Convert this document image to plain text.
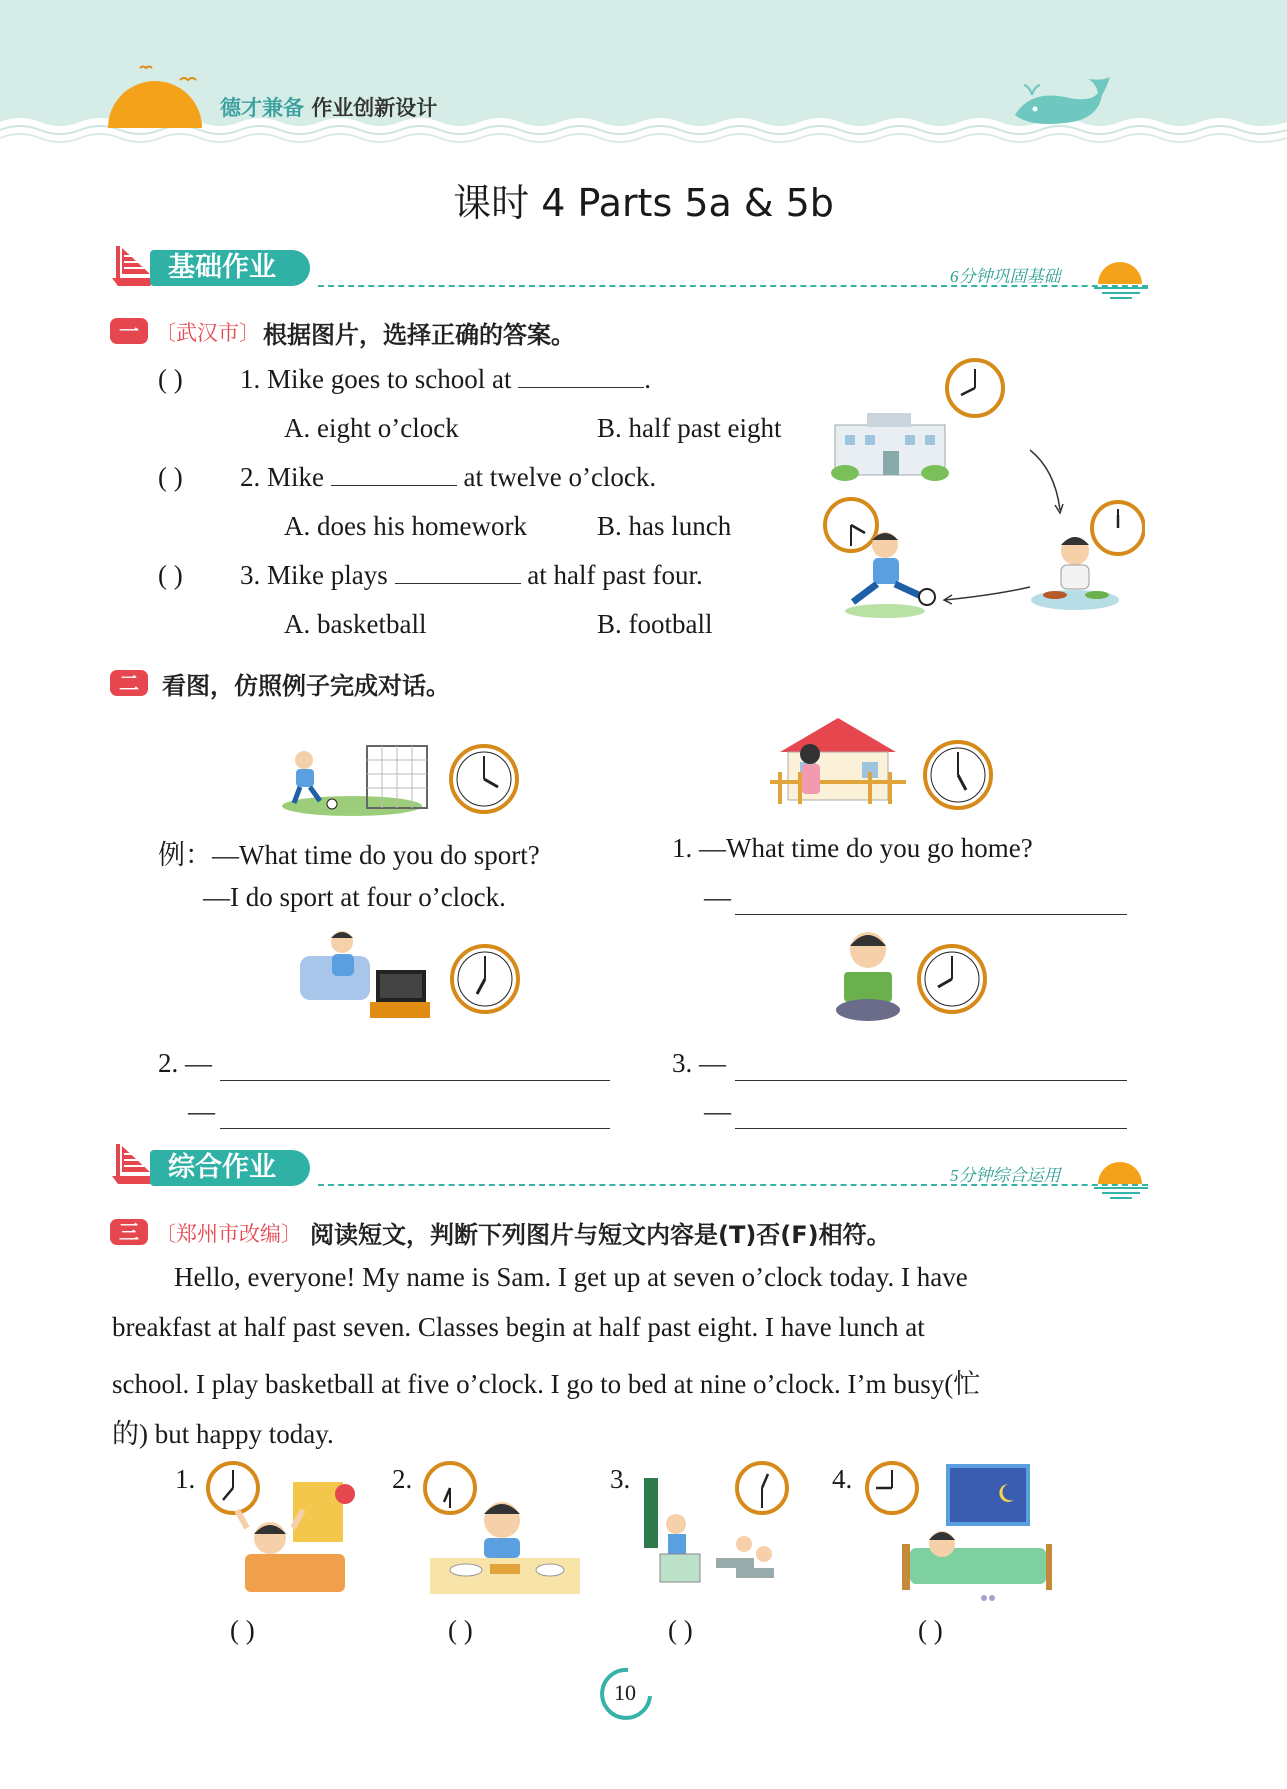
德才兼备 作业创新设计
课时 4 Parts 5a & 5b
基础作业	6分钟巩固基础
一 〔武汉市〕 根据图片，选择正确的答案。
( ) 1. Mike goes to school at	.
A. eight o’clock	B. half past eight
( ) 2. Mike	at twelve o’clock.
A. does his homework	B. has lunch
( ) 3. Mike plays	at half past four.
A. basketball	B. football
二 看图，仿照例子完成对话。
例：—What time do you do sport?
—I do sport at four o’clock.
1. —What time do you go home?
—
2. —
—
3. —
—
综合作业	5分钟综合运用
三 〔郑州市改编〕 阅读短文，判断下列图片与短文内容是(T)否(F)相符。
Hello, everyone! My name is Sam. I get up at seven o’clock today. I have
breakfast at half past seven. Classes begin at half past eight. I have lunch at
school. I play basketball at five o’clock. I go to bed at nine o’clock. I’m busy(忙
的) but happy today.
1.
( )
2.
( )
3.
( )
4.
( )
10
